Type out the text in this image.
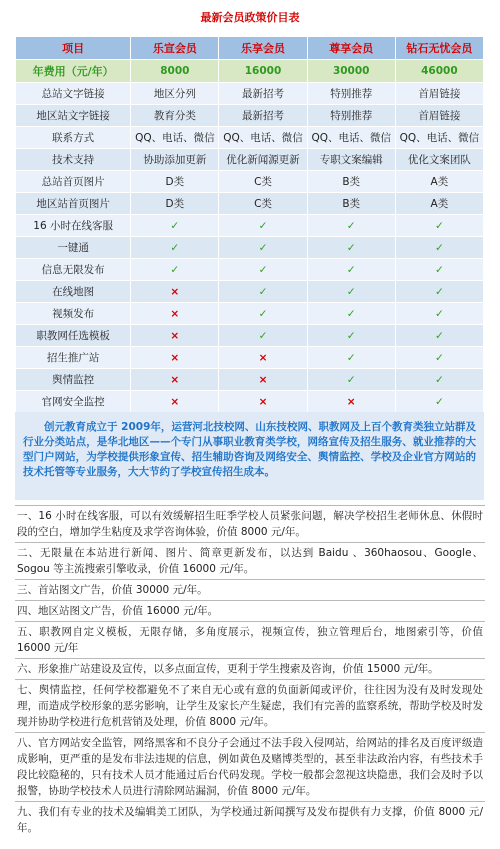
最新会员政策价目表
项目	乐宣会员	乐享会员	尊享会员	钻石无忧会员
年费用（元/年）	8000	16000	30000	46000
总站文字链接	地区分列	最新招考	特别推荐	首眉链接
地区站文字链接	教育分类	最新招考	特别推荐	首眉链接
联系方式	QQ、电话、微信	QQ、电话、微信	QQ、电话、微信	QQ、电话、微信
技术支持	协助添加更新	优化新闻源更新	专职文案编辑	优化文案团队
总站首页图片	D类	C类	B类	A类
地区站首页图片	D类	C类	B类	A类
16 小时在线客服	✓	✓	✓	✓
一键通	✓	✓	✓	✓
信息无限发布	✓	✓	✓	✓
在线地图	×	✓	✓	✓
视频发布	×	✓	✓	✓
职教网任选模板	×	✓	✓	✓
招生推广站	×	×	✓	✓
舆情监控	×	×	✓	✓
官网安全监控	×	×	×	✓
创元教育成立于 2009年，运营河北技校网、山东技校网、职教网及上百个教育类独立站群及行业分类站点，是华北地区——个专门从事职业教育类学校，网络宣传及招生服务、就业推荐的大型门户网站，为学校提供形象宣传、招生辅助咨询及网络安全、舆情监控、学校及企业官方网站的技术托管等专业服务，大大节约了学校宣传招生成本。
一、16 小时在线客服，可以有效缓解招生旺季学校人员紧张问题，解决学校招生老师休息、休假时段的空白，增加学生粘度及求学咨询体验，价值 8000 元/年。
二、无限量在本站进行新闻、图片、简章更新发布，以达到 Baidu 、360haosou、Google、Sogou 等主流搜索引擎收录，价值 16000 元/年。
三、首站图文广告，价值 30000 元/年。
四、地区站图文广告，价值 16000 元/年。
五、职教网自定义模板，无限存储，多角度展示，视频宣传，独立管理后台，地图索引等，价值 16000 元/年
六、形象推广站建设及宣传，以多点面宣传，更利于学生搜索及咨询，价值 15000 元/年。
七、舆情监控，任何学校都避免不了来自无心或有意的负面新闻或评价，往往因为没有及时发现处理，而造成学校形象的恶劣影响，让学生及家长产生疑虑，我们有完善的监察系统，帮助学校及时发现并协助学校进行危机营销及处理，价值 8000 元/年。
八、官方网站安全监管，网络黑客和不良分子会通过不法手段入侵网站，给网站的排名及百度评级造成影响，更严重的是发布非法违规的信息，例如黄色及赌博类型的，甚至非法政治内容，有些技术手段比较隐秘的，只有技术人员才能通过后台代码发现。学校一般都会忽视这块隐患，我们会及时予以报警，协助学校技术人员进行清除网站漏洞，价值 8000 元/年。
九、我们有专业的技术及编辑美工团队，为学校通过新闻撰写及发布提供有力支撑，价值 8000 元/年。
